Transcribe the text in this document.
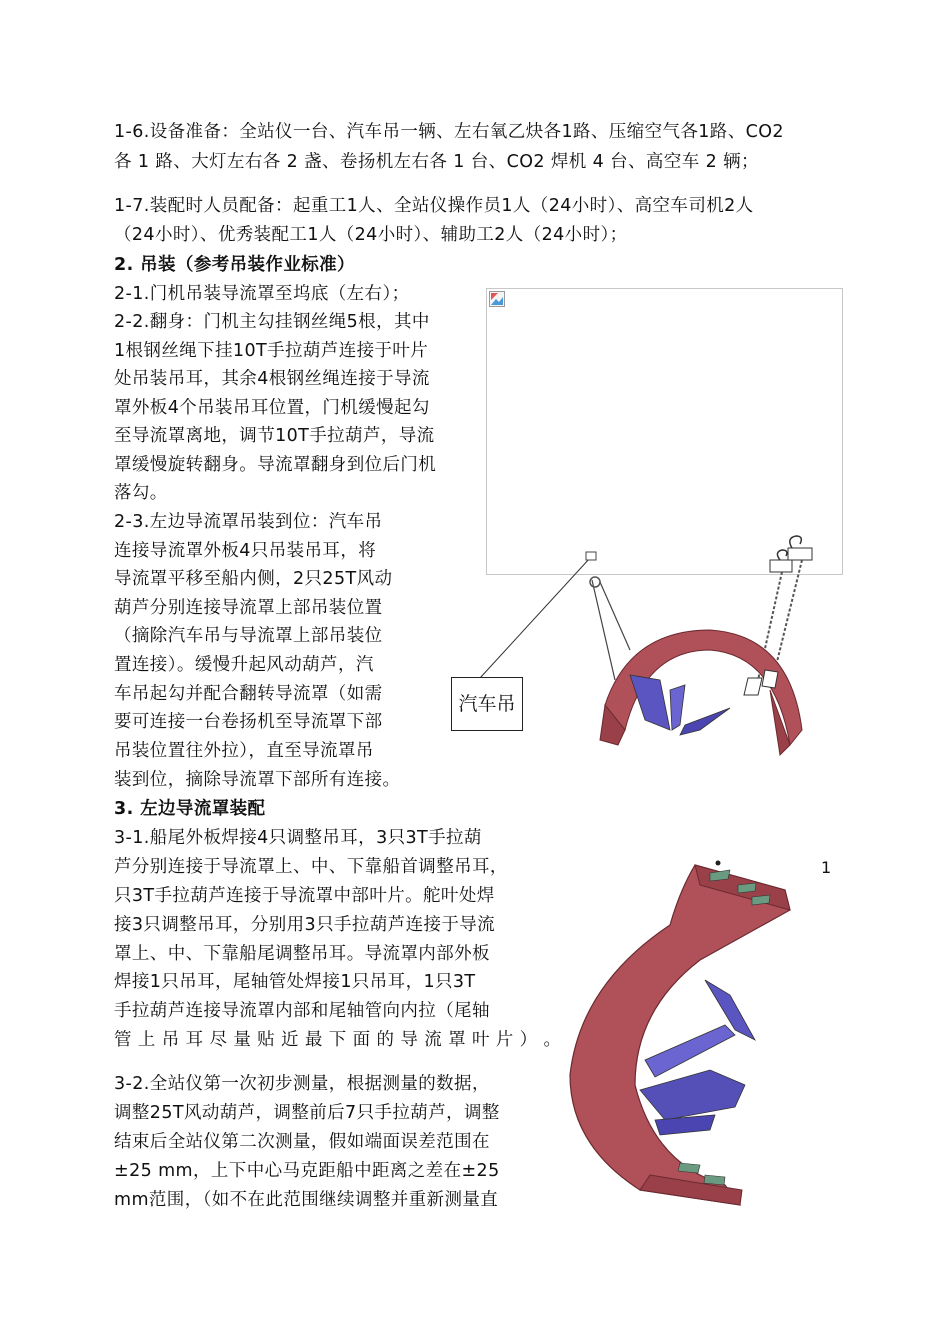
1-6.设备准备：全站仪一台、汽车吊一辆、左右氧乙炔各1路、压缩空气各1路、CO2
各 1 路、大灯左右各 2 盏、卷扬机左右各 1 台、CO2 焊机 4 台、高空车 2 辆；
1-7.装配时人员配备：起重工1人、全站仪操作员1人（24小时）、高空车司机2人
（24小时）、优秀装配工1人（24小时）、辅助工2人（24小时）；
2. 吊装（参考吊装作业标准）
2-1.门机吊装导流罩至坞底（左右）；
2-2.翻身：门机主勾挂钢丝绳5根，其中
1根钢丝绳下挂10T手拉葫芦连接于叶片
处吊装吊耳，其余4根钢丝绳连接于导流
罩外板4个吊装吊耳位置，门机缓慢起勾
至导流罩离地，调节10T手拉葫芦，导流
罩缓慢旋转翻身。导流罩翻身到位后门机
落勾。
2-3.左边导流罩吊装到位：汽车吊
连接导流罩外板4只吊装吊耳，将
导流罩平移至船内侧，2只25T风动
葫芦分别连接导流罩上部吊装位置
（摘除汽车吊与导流罩上部吊装位
置连接）。缓慢升起风动葫芦，汽
车吊起勾并配合翻转导流罩（如需
要可连接一台卷扬机至导流罩下部
吊装位置往外拉），直至导流罩吊
装到位，摘除导流罩下部所有连接。
3. 左边导流罩装配
3-1.船尾外板焊接4只调整吊耳，3只3T手拉葫
芦分别连接于导流罩上、中、下靠船首调整吊耳，
只3T手拉葫芦连接于导流罩中部叶片。舵叶处焊
接3只调整吊耳，分别用3只手拉葫芦连接于导流
罩上、中、下靠船尾调整吊耳。导流罩内部外板
焊接1只吊耳，尾轴管处焊接1只吊耳，1只3T
手拉葫芦连接导流罩内部和尾轴管向内拉（尾轴
管 上 吊 耳 尽 量 贴 近 最 下 面 的 导 流 罩 叶 片 ） 。
3-2.全站仪第一次初步测量，根据测量的数据，
调整25T风动葫芦，调整前后7只手拉葫芦，调整
结束后全站仪第二次测量，假如端面误差范围在
±25 mm，上下中心马克距船中距离之差在±25
mm范围，（如不在此范围继续调整并重新测量直
汽车吊
1
